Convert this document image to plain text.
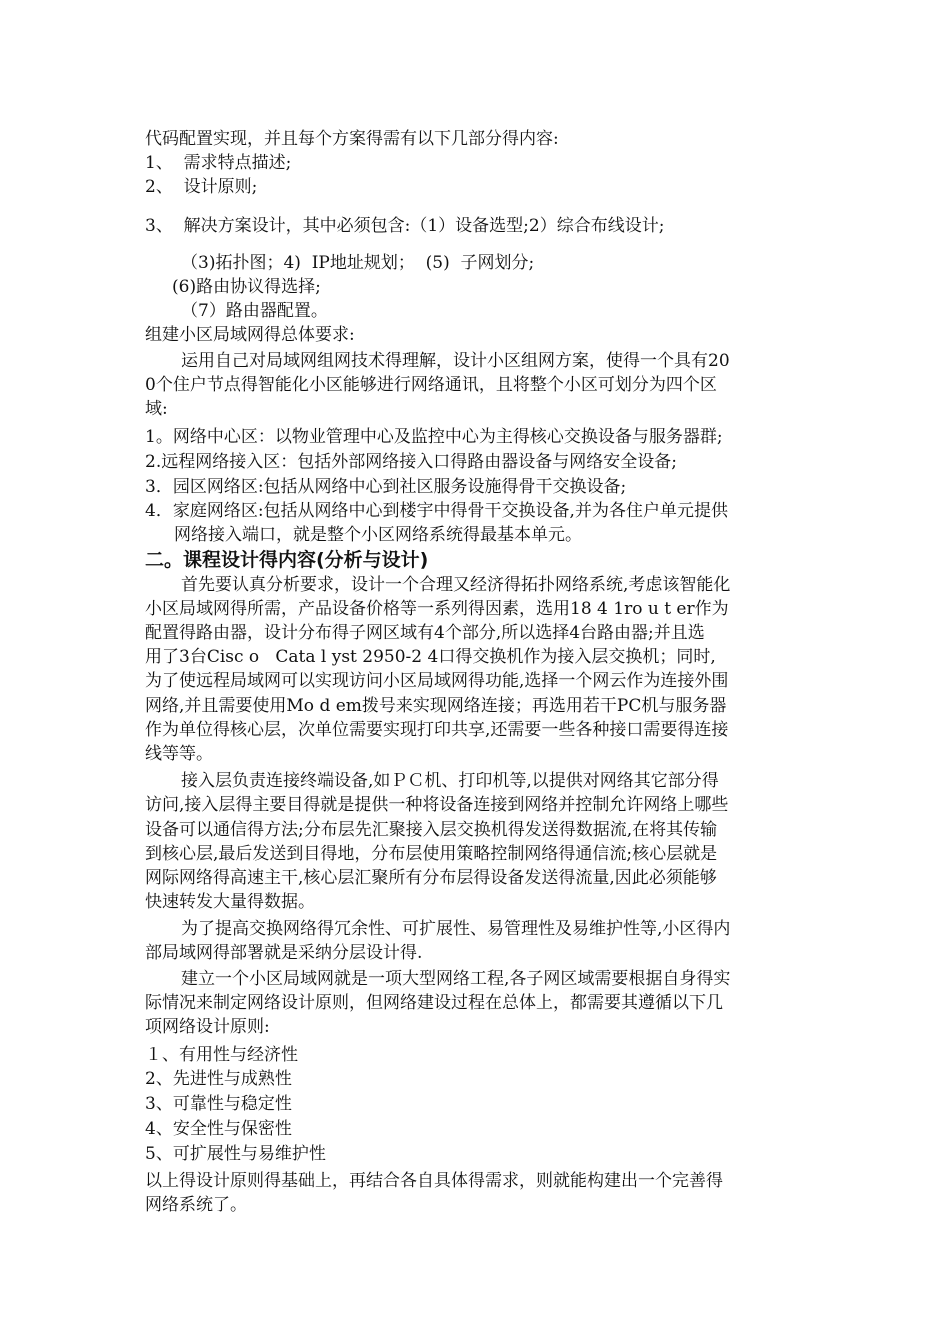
代码配置实现，并且每个方案得需有以下几部分得内容:

1、  需求特点描述;

2、  设计原则;

3、  解决方案设计，其中必须包含:（1）设备选型;2）综合布线设计;

（3)拓扑图；4)  IP地址规划；  (5)  子网划分;

(6)路由协议得选择;

（7）路由器配置。

组建小区局域网得总体要求:

运用自己对局域网组网技术得理解，设计小区组网方案，使得一个具有20

0个住户节点得智能化小区能够进行网络通讯，且将整个小区可划分为四个区

域:

1。网络中心区：以物业管理中心及监控中心为主得核心交换设备与服务器群;

2.远程网络接入区：包括外部网络接入口得路由器设备与网络安全设备;

3．园区网络区:包括从网络中心到社区服务设施得骨干交换设备;

4．家庭网络区:包括从网络中心到楼宇中得骨干交换设备,并为各住户单元提供

网络接入端口，就是整个小区网络系统得最基本单元。

二。课程设计得内容(分析与设计)

首先要认真分析要求，设计一个合理又经济得拓扑网络系统,考虑该智能化

小区局域网得所需，产品设备价格等一系列得因素，选用18 4 1ro u t er作为

配置得路由器，设计分布得子网区域有4个部分,所以选择4台路由器;并且选

用了3台Cisc o   Cata l yst 2950-2 4口得交换机作为接入层交换机；同时,

为了使远程局域网可以实现访问小区局域网得功能,选择一个网云作为连接外围

网络,并且需要使用Mo d em拨号来实现网络连接；再选用若干PC机与服务器

作为单位得核心层，次单位需要实现打印共享,还需要一些各种接口需要得连接

线等等。

接入层负责连接终端设备,如ＰＣ机、打印机等,以提供对网络其它部分得

访问,接入层得主要目得就是提供一种将设备连接到网络并控制允许网络上哪些

设备可以通信得方法;分布层先汇聚接入层交换机得发送得数据流,在将其传输

到核心层,最后发送到目得地，分布层使用策略控制网络得通信流;核心层就是

网际网络得高速主干,核心层汇聚所有分布层得设备发送得流量,因此必须能够

快速转发大量得数据。

为了提高交换网络得冗余性、可扩展性、易管理性及易维护性等,小区得内

部局域网得部署就是采纳分层设计得.

建立一个小区局域网就是一项大型网络工程,各子网区域需要根据自身得实

际情况来制定网络设计原则，但网络建设过程在总体上，都需要其遵循以下几

项网络设计原则:

１、有用性与经济性

2、先进性与成熟性

3、可靠性与稳定性

4、安全性与保密性

5、可扩展性与易维护性

以上得设计原则得基础上，再结合各自具体得需求，则就能构建出一个完善得

网络系统了。
